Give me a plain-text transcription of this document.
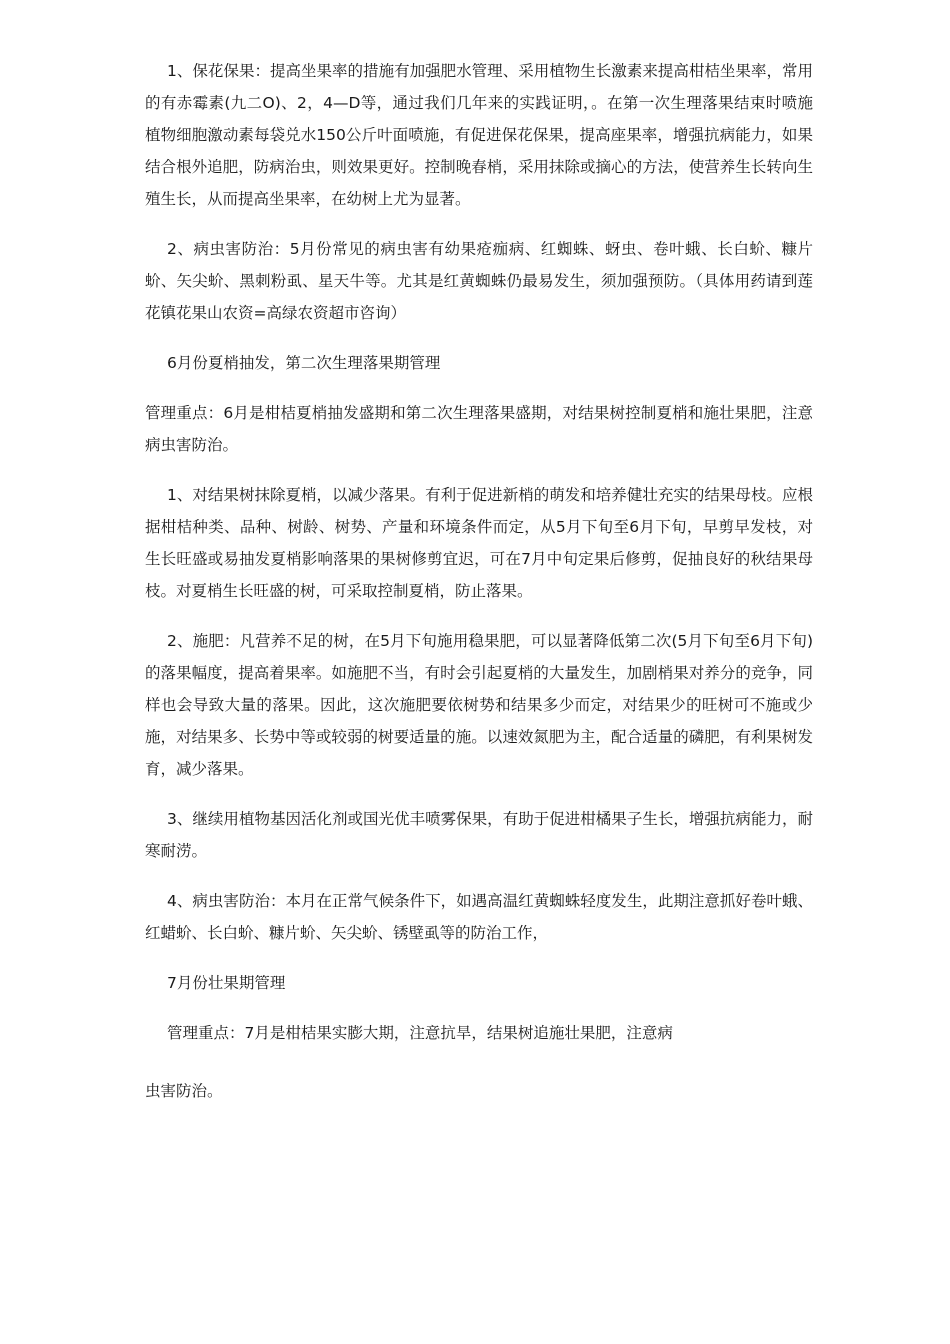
1、保花保果：提高坐果率的措施有加强肥水管理、采用植物生长激素来提高柑桔坐果率，常用的有赤霉素(九二O)、2，4—D等，通过我们几年来的实践证明，。在第一次生理落果结束时喷施植物细胞激动素每袋兑水150公斤叶面喷施，有促进保花保果，提高座果率，增强抗病能力，如果结合根外追肥，防病治虫，则效果更好。控制晚春梢，采用抹除或摘心的方法，使营养生长转向生殖生长，从而提高坐果率，在幼树上尤为显著。

2、病虫害防治：5月份常见的病虫害有幼果疮痂病、红蜘蛛、蚜虫、卷叶蛾、长白蚧、糠片蚧、矢尖蚧、黑刺粉虱、星天牛等。尤其是红黄蜘蛛仍最易发生，须加强预防。（具体用药请到莲花镇花果山农资=高绿农资超市咨询）

6月份夏梢抽发，第二次生理落果期管理

管理重点：6月是柑桔夏梢抽发盛期和第二次生理落果盛期，对结果树控制夏梢和施壮果肥，注意病虫害防治。

1、对结果树抹除夏梢，以减少落果。有利于促进新梢的萌发和培养健壮充实的结果母枝。应根据柑桔种类、品种、树龄、树势、产量和环境条件而定，从5月下旬至6月下旬，早剪早发枝，对生长旺盛或易抽发夏梢影响落果的果树修剪宜迟，可在7月中旬定果后修剪，促抽良好的秋结果母枝。对夏梢生长旺盛的树，可采取控制夏梢，防止落果。

2、施肥：凡营养不足的树，在5月下旬施用稳果肥，可以显著降低第二次(5月下旬至6月下旬)的落果幅度，提高着果率。如施肥不当，有时会引起夏梢的大量发生，加剧梢果对养分的竞争，同样也会导致大量的落果。因此，这次施肥要依树势和结果多少而定，对结果少的旺树可不施或少施，对结果多、长势中等或较弱的树要适量的施。以速效氮肥为主，配合适量的磷肥，有利果树发育，减少落果。

3、继续用植物基因活化剂或国光优丰喷雾保果，有助于促进柑橘果子生长，增强抗病能力，耐寒耐涝。

4、病虫害防治：本月在正常气候条件下，如遇高温红黄蜘蛛轻度发生，此期注意抓好卷叶蛾、红蜡蚧、长白蚧、糠片蚧、矢尖蚧、锈壁虱等的防治工作，

7月份壮果期管理

管理重点：7月是柑桔果实膨大期，注意抗旱，结果树追施壮果肥，注意病

虫害防治。
